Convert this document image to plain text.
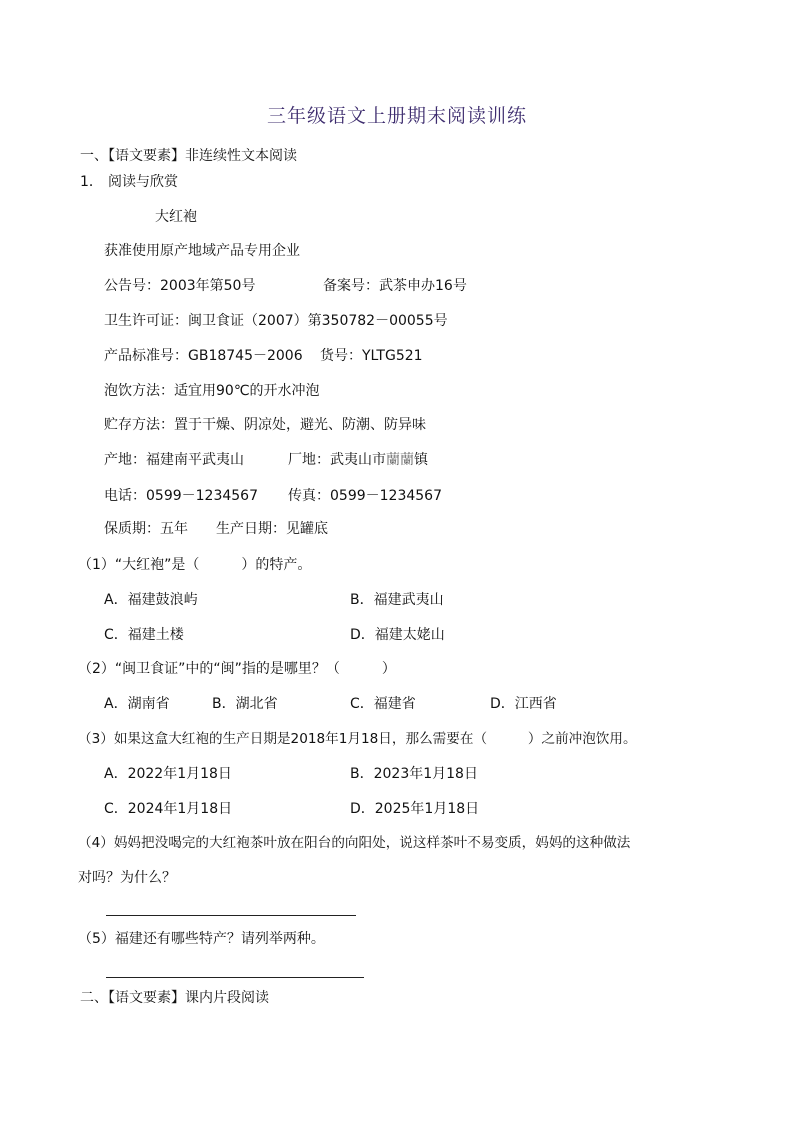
三年级语文上册期末阅读训练
一、【语文要素】非连续性文本阅读
1． 阅读与欣赏
大红袍
获准使用原产地域产品专用企业
公告号：2003年第50号	备案号：武茶申办16号
卫生许可证：闽卫食证（2007）第350782－00055号
产品标准号：GB18745－2006 货号：YLTG521
泡饮方法：适宜用90℃的开水冲泡
贮存方法：置于干燥、阴凉处，避光、防潮、防异味
产地：福建南平武夷山	厂地：武夷山市蘭蘭镇
电话：0599－1234567 传真：0599－1234567
保质期：五年 生产日期：见罐底
（1）“大红袍”是（　　　）的特产。
A．福建鼓浪屿	B．福建武夷山
C．福建土楼	D．福建太姥山
（2）“闽卫食证”中的“闽”指的是哪里？（　　　）
A．湖南省	B．湖北省	C．福建省	D．江西省
（3）如果这盒大红袍的生产日期是2018年1月18日，那么需要在（　　　）之前冲泡饮用。
A．2022年1月18日	B．2023年1月18日
C．2024年1月18日	D．2025年1月18日
（4）妈妈把没喝完的大红袍茶叶放在阳台的向阳处，说这样茶叶不易变质，妈妈的这种做法
对吗？为什么？
（5）福建还有哪些特产？请列举两种。
二、【语文要素】课内片段阅读
